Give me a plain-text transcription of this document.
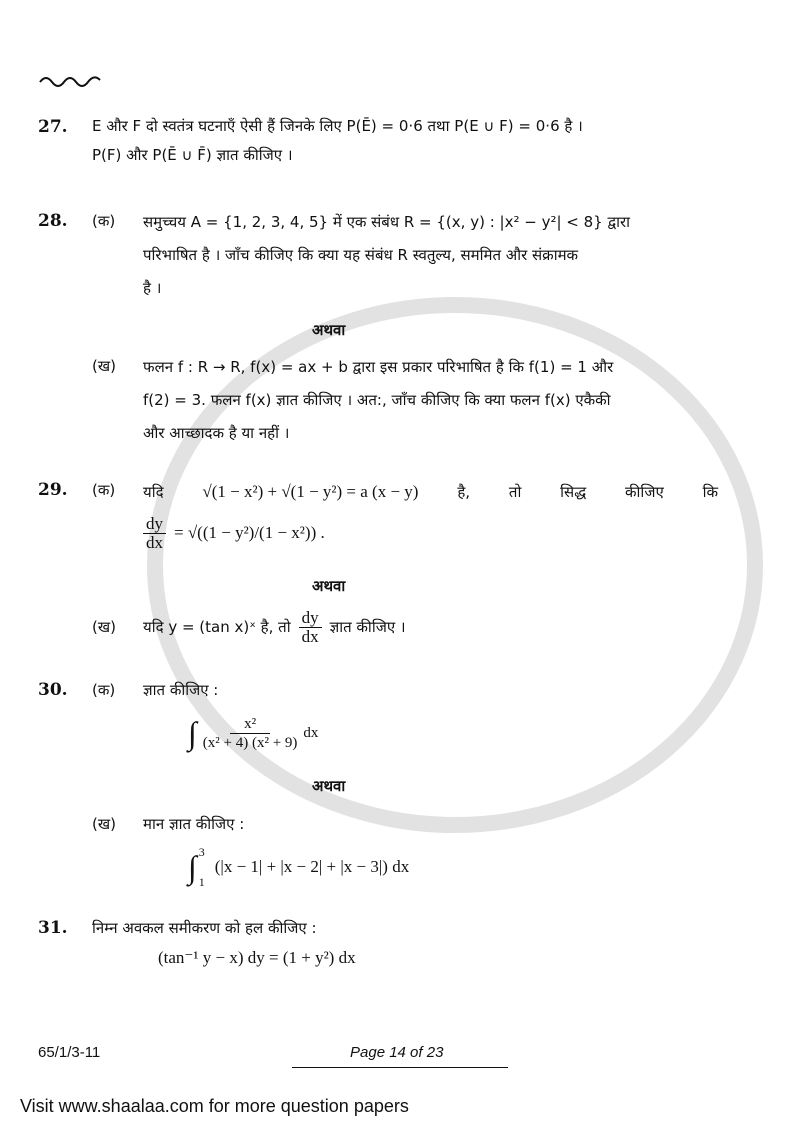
27.	E और F दो स्वतंत्र घटनाएँ ऐसी हैं जिनके लिए P(Ē) = 0·6 तथा P(E ∪ F) = 0·6 है ।
P(F) और P(Ē ∪ F̄) ज्ञात कीजिए ।
28.	(क)	समुच्चय A = {1, 2, 3, 4, 5} में एक संबंध R = {(x, y) : |x² − y²| < 8} द्वारा
परिभाषित है । जाँच कीजिए कि क्या यह संबंध R स्वतुल्य, सममित और संक्रामक
है ।
अथवा
(ख)	फलन f : R → R, f(x) = ax + b द्वारा इस प्रकार परिभाषित है कि f(1) = 1 और
f(2) = 3. फलन f(x) ज्ञात कीजिए । अत:, जाँच कीजिए कि क्या फलन f(x) एकैकी
और आच्छादक है या नहीं ।
29.	(क)	यदि √(1 − x²) + √(1 − y²) = a (x − y)	है,	तो	सिद्ध	कीजिए	कि
$\frac{dy}{dx} = √((1 - y^2)/(1 - x^2))$ .
अथवा
(ख)	यदि y = (tan x)ˣ है, तो $\frac{dy}{dx}$ ज्ञात कीजिए ।
30.	(क)	ज्ञात कीजिए :
∫ $\frac{\text{x²}}{\text{(x² + 4) (x² + 9)}}$ dx
अथवा
(ख)	मान ज्ञात कीजिए :
∫ 3
1
(|x − 1| + |x − 2| + |x − 3|) dx
31.	निम्न अवकल समीकरण को हल कीजिए :
(tan⁻¹ y − x) dy = (1 + y²) dx
65/1/3-11	Page 14 of 23
Visit www.shaalaa.com for more question papers
